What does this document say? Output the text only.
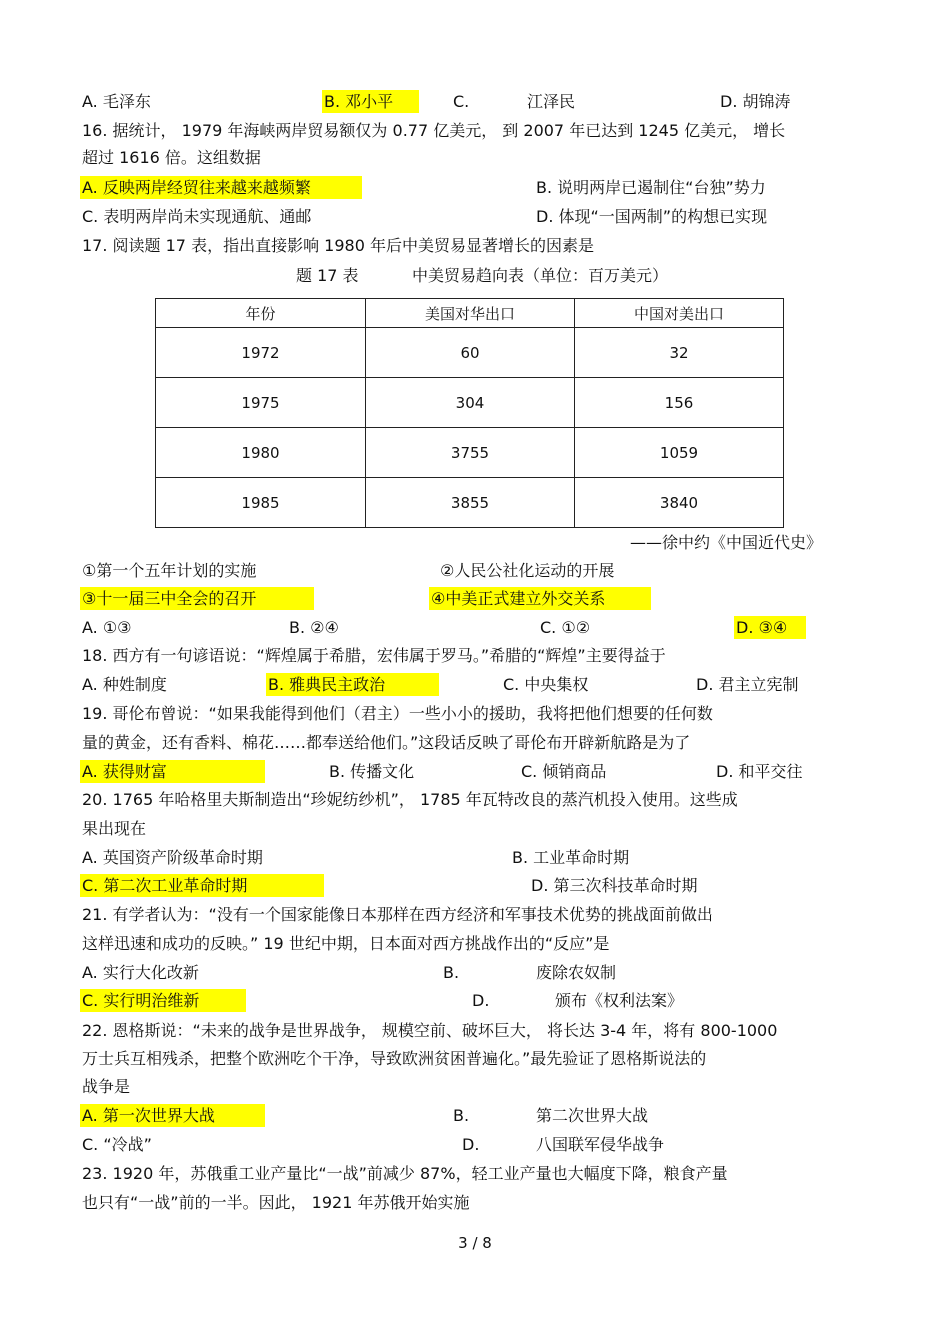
A. 毛泽东	B. 邓小平	C.	江泽民	D. 胡锦涛
16. 据统计， 1979 年海峡两岸贸易额仅为 0.77 亿美元， 到 2007 年已达到 1245 亿美元， 增长
超过 1616 倍。这组数据
A. 反映两岸经贸往来越来越频繁	B. 说明两岸已遏制住“台独”势力
C. 表明两岸尚未实现通航、通邮	D. 体现“一国两制”的构想已实现
17. 阅读题 17 表，指出直接影响 1980 年后中美贸易显著增长的因素是
题 17 表	中美贸易趋向表（单位：百万美元）
年份	美国对华出口	中国对美出口
1972	60	32
1975	304	156
1980	3755	1059
1985	3855	3840
——徐中约《中国近代史》
①第一个五年计划的实施	②人民公社化运动的开展
③十一届三中全会的召开	④中美正式建立外交关系
A. ①③	B. ②④	C. ①②	D. ③④
18. 西方有一句谚语说：“辉煌属于希腊，宏伟属于罗马。”希腊的“辉煌”主要得益于
A. 种姓制度	B. 雅典民主政治	C. 中央集权	D. 君主立宪制
19. 哥伦布曾说：“如果我能得到他们（君主）一些小小的援助，我将把他们想要的任何数
量的黄金，还有香料、棉花……都奉送给他们。”这段话反映了哥伦布开辟新航路是为了
A. 获得财富	B. 传播文化	C. 倾销商品	D. 和平交往
20. 1765 年哈格里夫斯制造出“珍妮纺纱机”， 1785 年瓦特改良的蒸汽机投入使用。这些成
果出现在
A. 英国资产阶级革命时期	B. 工业革命时期
C. 第二次工业革命时期	D. 第三次科技革命时期
21. 有学者认为：“没有一个国家能像日本那样在西方经济和军事技术优势的挑战面前做出
这样迅速和成功的反映。” 19 世纪中期，日本面对西方挑战作出的“反应”是
A. 实行大化改新	B.	废除农奴制
C. 实行明治维新	D.	颁布《权利法案》
22. 恩格斯说：“未来的战争是世界战争， 规模空前、破坏巨大， 将长达 3-4 年，将有 800-1000
万士兵互相残杀，把整个欧洲吃个干净，导致欧洲贫困普遍化。”最先验证了恩格斯说法的
战争是
A. 第一次世界大战	B.	第二次世界大战
C. “冷战”	D.	八国联军侵华战争
23. 1920 年，苏俄重工业产量比“一战”前减少 87%，轻工业产量也大幅度下降，粮食产量
也只有“一战”前的一半。因此， 1921 年苏俄开始实施
3 / 8
